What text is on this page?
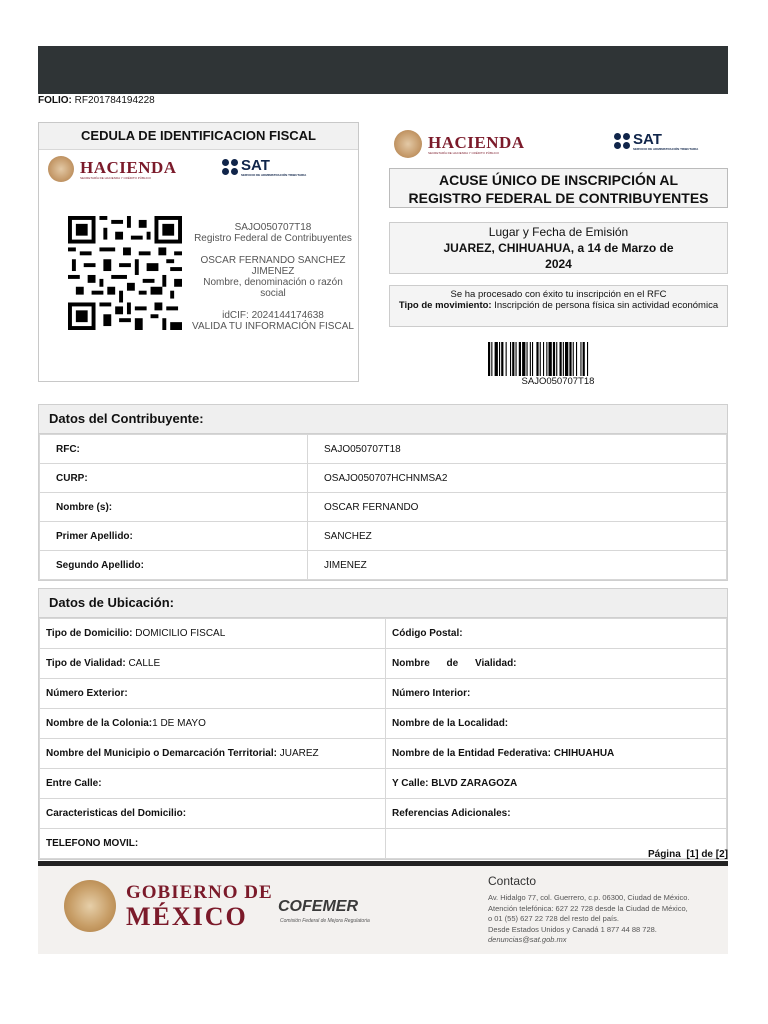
FOLIO: RF201784194228
CEDULA DE IDENTIFICACION FISCAL
HACIENDA
SECRETARÍA DE HACIENDA Y CRÉDITO PÚBLICO
SAT
SERVICIO DE ADMINISTRACIÓN TRIBUTARIA
SAJO050707T18
Registro Federal de Contribuyentes
OSCAR FERNANDO SANCHEZ JIMENEZ
Nombre, denominación o razón social
idCIF: 2024144174638
VALIDA TU INFORMACIÓN FISCAL
HACIENDA
SECRETARÍA DE HACIENDA Y CRÉDITO PÚBLICO
SAT
SERVICIO DE ADMINISTRACIÓN TRIBUTARIA
ACUSE ÚNICO DE INSCRIPCIÓN AL
REGISTRO FEDERAL DE CONTRIBUYENTES
Lugar y Fecha de Emisión
JUAREZ, CHIHUAHUA, a 14 de Marzo de
2024
Se ha procesado con éxito tu inscripción en el RFC
Tipo de movimiento: Inscripción de persona física sin actividad económica
SAJO050707T18
Datos del Contribuyente:
RFC:	SAJO050707T18
CURP:	OSAJO050707HCHNMSA2
Nombre (s):	OSCAR FERNANDO
Primer Apellido:	SANCHEZ
Segundo Apellido:	JIMENEZ
Datos de Ubicación:
Tipo de Domicilio: DOMICILIO FISCAL	Código Postal:
Tipo de Vialidad: CALLE	Nombre de Vialidad:
Número Exterior:	Número Interior:
Nombre de la Colonia:1 DE MAYO	Nombre de la Localidad:
Nombre del Municipio o Demarcación Territorial: JUAREZ	Nombre de la Entidad Federativa: CHIHUAHUA
Entre Calle:	Y Calle: BLVD ZARAGOZA
Caracteristicas del Domicilio:	Referencias Adicionales:
TELEFONO MOVIL:	
Página [1] de [2]
GOBIERNO DE
MÉXICO	COFEMER
Comisión Federal de Mejora Regulatoria
Contacto
Av. Hidalgo 77, col. Guerrero, c.p. 06300, Ciudad de México.
Atención telefónica: 627 22 728 desde la Ciudad de México,
o 01 (55) 627 22 728 del resto del país.
Desde Estados Unidos y Canadá 1 877 44 88 728.
denuncias@sat.gob.mx
